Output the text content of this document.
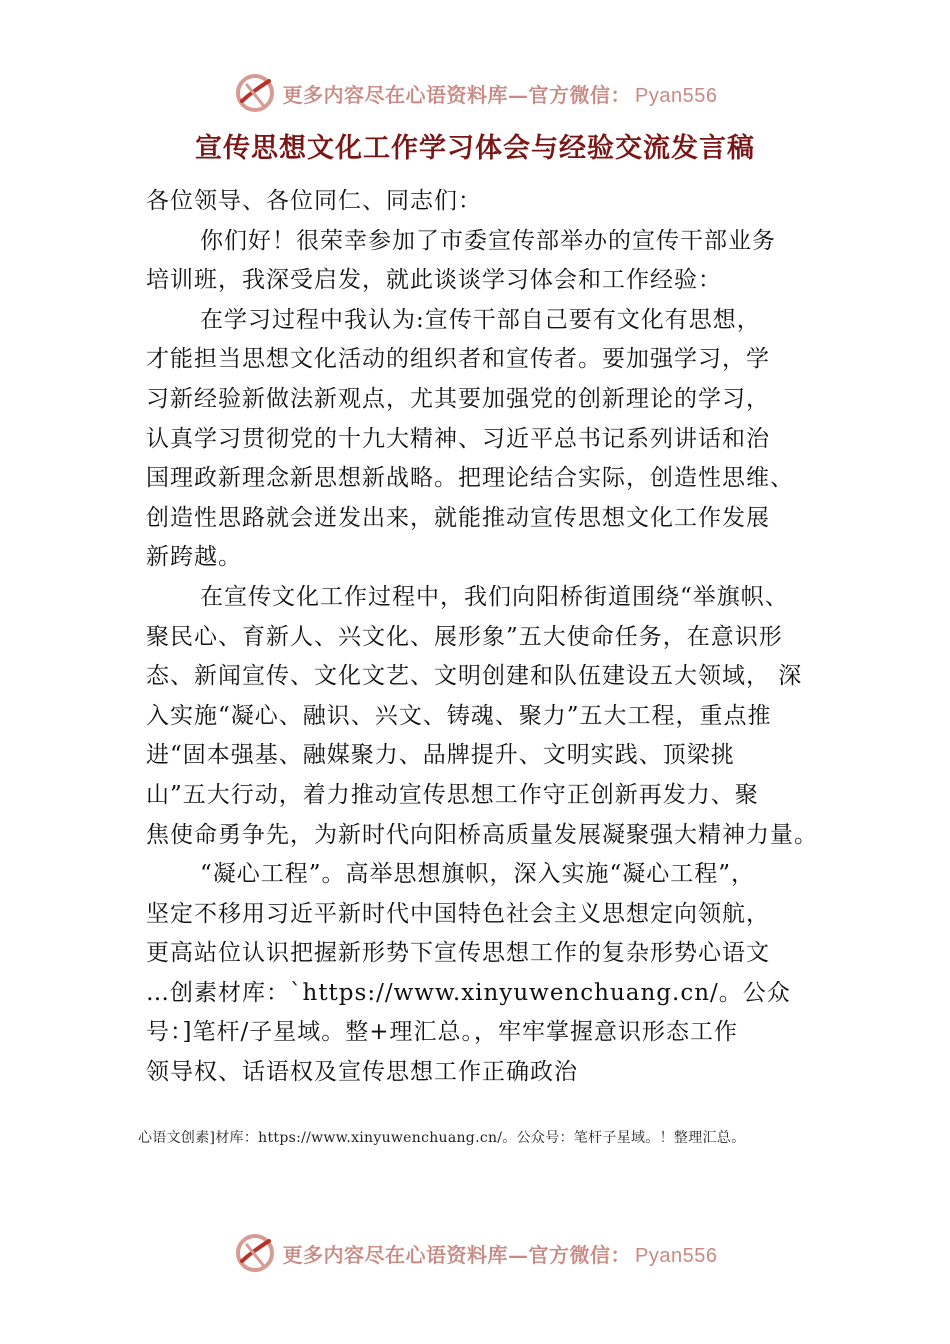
更多内容尽在心语资料库—官方微信： Pyan556
宣传思想文化工作学习体会与经验交流发言稿
各位领导、各位同仁、同志们：
你们好！很荣幸参加了市委宣传部举办的宣传干部业务
培训班，我深受启发，就此谈谈学习体会和工作经验：
在学习过程中我认为:宣传干部自己要有文化有思想，
才能担当思想文化活动的组织者和宣传者。要加强学习，学
习新经验新做法新观点，尤其要加强党的创新理论的学习，
认真学习贯彻党的十九大精神、习近平总书记系列讲话和治
国理政新理念新思想新战略。把理论结合实际，创造性思维、
创造性思路就会迸发出来，就能推动宣传思想文化工作发展
新跨越。
在宣传文化工作过程中，我们向阳桥街道围绕“举旗帜、
聚民心、育新人、兴文化、展形象”五大使命任务，在意识形
态、新闻宣传、文化文艺、文明创建和队伍建设五大领域， 深
入实施“凝心、融识、兴文、铸魂、聚力”五大工程，重点推
进“固本强基、融媒聚力、品牌提升、文明实践、顶梁挑
山”五大行动，着力推动宣传思想工作守正创新再发力、聚
焦使命勇争先，为新时代向阳桥高质量发展凝聚强大精神力量。
“凝心工程”。高举思想旗帜，深入实施“凝心工程”，
坚定不移用习近平新时代中国特色社会主义思想定向领航，
更高站位认识把握新形势下宣传思想工作的复杂形势心语文
…创素材库：`https://www.xinyuwenchuang.cn/。公众
号：]笔杆/子星域。整+理汇总。，牢牢掌握意识形态工作
领导权、话语权及宣传思想工作正确政治
心语文创素]材库：https://www.xinyuwenchuang.cn/。公众号：笔杆子星域。！整理汇总。
更多内容尽在心语资料库—官方微信： Pyan556
